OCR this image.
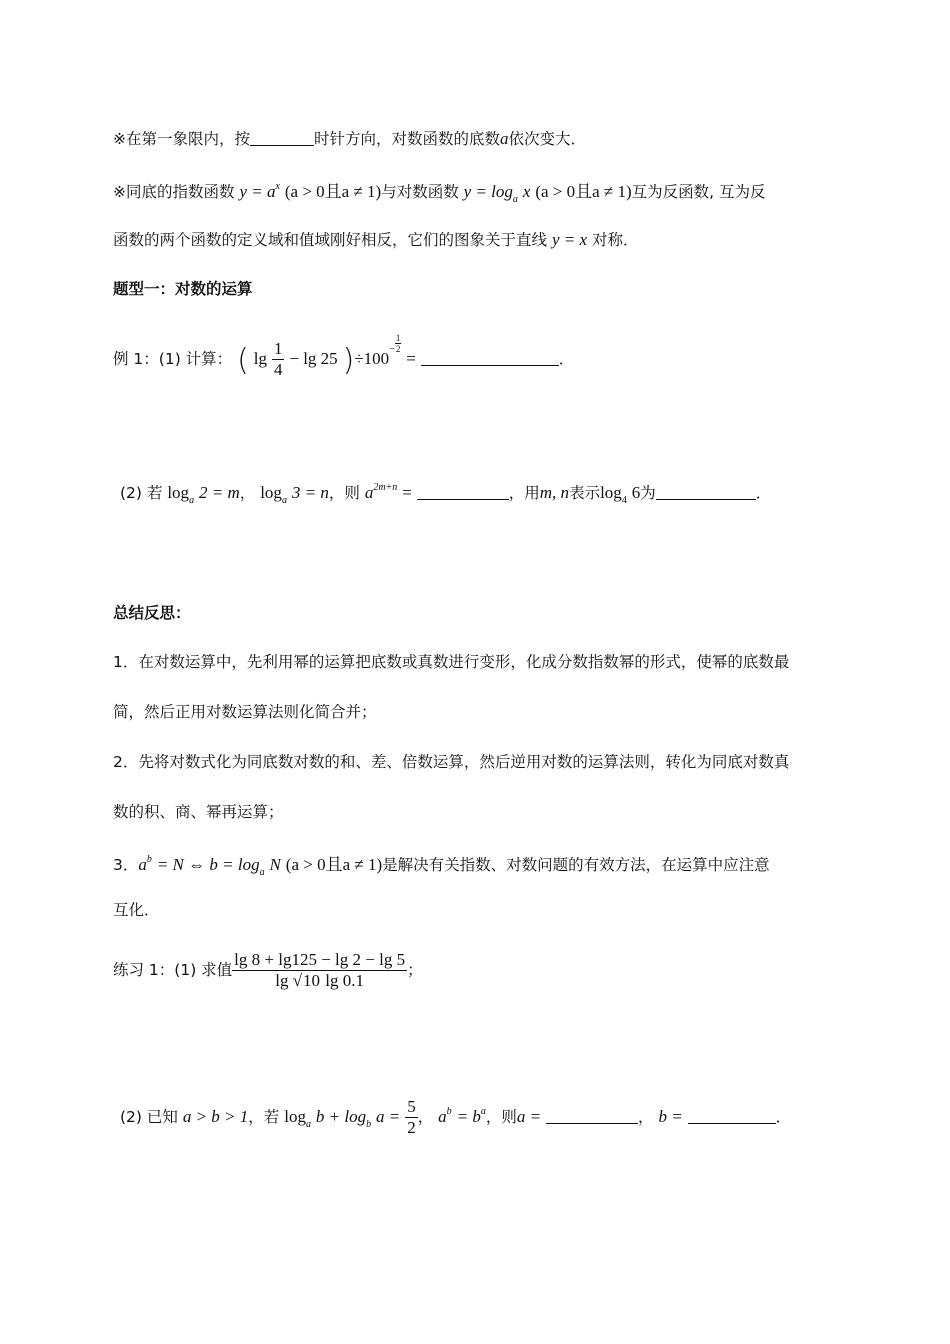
※在第一象限内，按	时针方向，对数函数的底数a依次变大．
※同底的指数函数 $y = a^x$ (a > 0且a ≠ 1)与对数函数 $y = \log_a x$ (a > 0且a ≠ 1)互为反函数, 互为反
函数的两个函数的定义域和值域刚好相反，它们的图象关于直线 y = x 对称．
题型一：对数的运算
例 1：(1) 计算： ( $\lg \frac{1}{4} - \lg 25$ )$\div 100^- \frac{1}{2}$
=	．
(2) 若 $\log_a 2 = m$， $\log_a 3 = n$，则 $a^{2m+n}$ =	，用m, n表示$\log_4 6$为	．
总结反思：
1．在对数运算中，先利用幂的运算把底数或真数进行变形，化成分数指数幂的形式，使幂的底数最
简，然后正用对数运算法则化简合并；
2．先将对数式化为同底数对数的和、差、倍数运算，然后逆用对数的运算法则，转化为同底对数真
数的积、商、幂再运算；
3．$a^b = N$ ⇔ $b = \log_a N$ (a > 0且a ≠ 1)是解决有关指数、对数问题的有效方法，在运算中应注意
互化．
练习 1：(1) 求值 $\frac{\lg 8 + \lg 125 - \lg 2 - \lg 5}{\lg √10 \lg 0.1}$ ；
(2) 已知 a > b > 1，若 $\log_a b + \log_b a = \frac{5}{2}$ ， $a^b = b^a$，则a =	， b =	．
